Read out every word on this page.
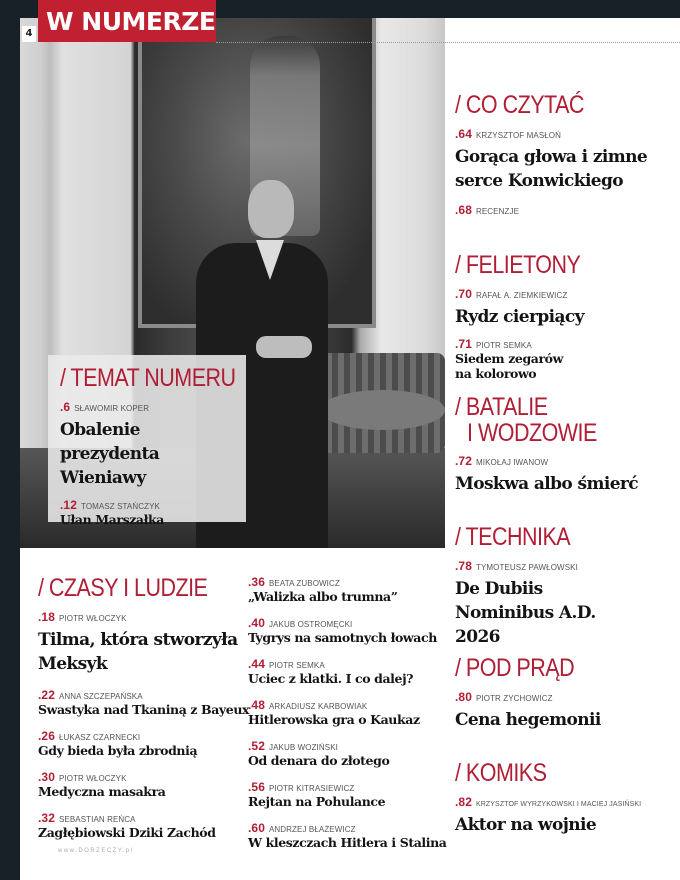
W NUMERZE
4
/ TEMAT NUMERU
.6 SŁAWOMIR KOPER
Obalenie prezydenta Wieniawy
.12 TOMASZ STAŃCZYK
Ułan Marszałka
/ CO CZYTAĆ
.64 KRZYSZTOF MASŁOŃ
Gorąca głowa i zimne serce Konwickiego
.68 RECENZJE
/ FELIETONY
.70 RAFAŁ A. ZIEMKIEWICZ
Rydz cierpiący
.71 PIOTR SEMKA
Siedem zegarów na kolorowo
/ BATALIE
I WODZOWIE
.72 MIKOŁAJ IWANOW
Moskwa albo śmierć
/ TECHNIKA
.78 TYMOTEUSZ PAWŁOWSKI
De Dubiis Nominibus A.D. 2026
/ POD PRĄD
.80 PIOTR ZYCHOWICZ
Cena hegemonii
/ KOMIKS
.82 KRZYSZTOF WYRZYKOWSKI I MACIEJ JASIŃSKI
Aktor na wojnie
/ CZASY I LUDZIE
.18 PIOTR WŁOCZYK
Tilma, która stworzyła Meksyk
.22 ANNA SZCZEPAŃSKA
Swastyka nad Tkaniną z Bayeux
.26 ŁUKASZ CZARNECKI
Gdy bieda była zbrodnią
.30 PIOTR WŁOCZYK
Medyczna masakra
.32 SEBASTIAN REŃCA
Zagłębiowski Dziki Zachód
.36 BEATA ZUBOWICZ
„Walizka albo trumna”
.40 JAKUB OSTROMĘCKI
Tygrys na samotnych łowach
.44 PIOTR SEMKA
Uciec z klatki. I co dalej?
.48 ARKADIUSZ KARBOWIAK
Hitlerowska gra o Kaukaz
.52 JAKUB WOZIŃSKI
Od denara do złotego
.56 PIOTR KITRASIEWICZ
Rejtan na Pohulance
.60 ANDRZEJ BŁAŻEWICZ
W kleszczach Hitlera i Stalina
www.DORZECZY.pl
